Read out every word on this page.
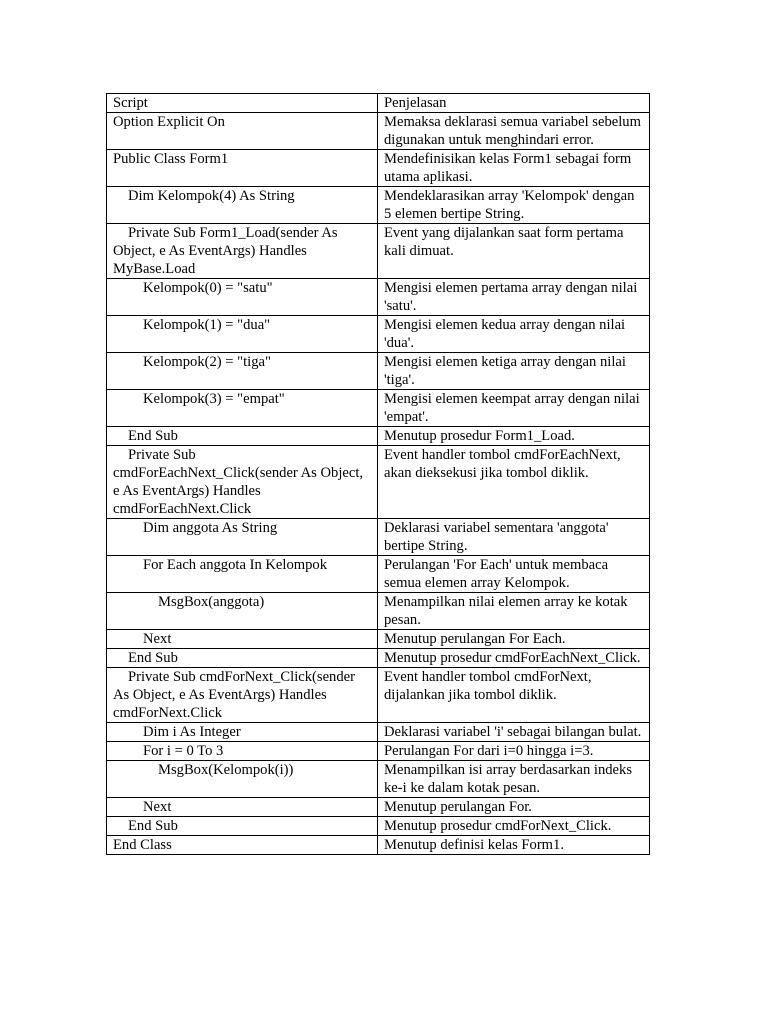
Script	Penjelasan
Option Explicit On	Memaksa deklarasi semua variabel sebelum digunakan untuk menghindari error.
Public Class Form1	Mendefinisikan kelas Form1 sebagai form utama aplikasi.
Dim Kelompok(4) As String	Mendeklarasikan array 'Kelompok' dengan 5 elemen bertipe String.
Private Sub Form1_Load(sender As Object, e As EventArgs) Handles MyBase.Load	Event yang dijalankan saat form pertama kali dimuat.
Kelompok(0) = "satu"	Mengisi elemen pertama array dengan nilai 'satu'.
Kelompok(1) = "dua"	Mengisi elemen kedua array dengan nilai 'dua'.
Kelompok(2) = "tiga"	Mengisi elemen ketiga array dengan nilai 'tiga'.
Kelompok(3) = "empat"	Mengisi elemen keempat array dengan nilai 'empat'.
End Sub	Menutup prosedur Form1_Load.
Private Sub cmdForEachNext_Click(sender As Object, e As EventArgs) Handles cmdForEachNext.Click	Event handler tombol cmdForEachNext, akan dieksekusi jika tombol diklik.
Dim anggota As String	Deklarasi variabel sementara 'anggota' bertipe String.
For Each anggota In Kelompok	Perulangan 'For Each' untuk membaca semua elemen array Kelompok.
MsgBox(anggota)	Menampilkan nilai elemen array ke kotak pesan.
Next	Menutup perulangan For Each.
End Sub	Menutup prosedur cmdForEachNext_Click.
Private Sub cmdForNext_Click(sender As Object, e As EventArgs) Handles cmdForNext.Click	Event handler tombol cmdForNext, dijalankan jika tombol diklik.
Dim i As Integer	Deklarasi variabel 'i' sebagai bilangan bulat.
For i = 0 To 3	Perulangan For dari i=0 hingga i=3.
MsgBox(Kelompok(i))	Menampilkan isi array berdasarkan indeks ke-i ke dalam kotak pesan.
Next	Menutup perulangan For.
End Sub	Menutup prosedur cmdForNext_Click.
End Class	Menutup definisi kelas Form1.
